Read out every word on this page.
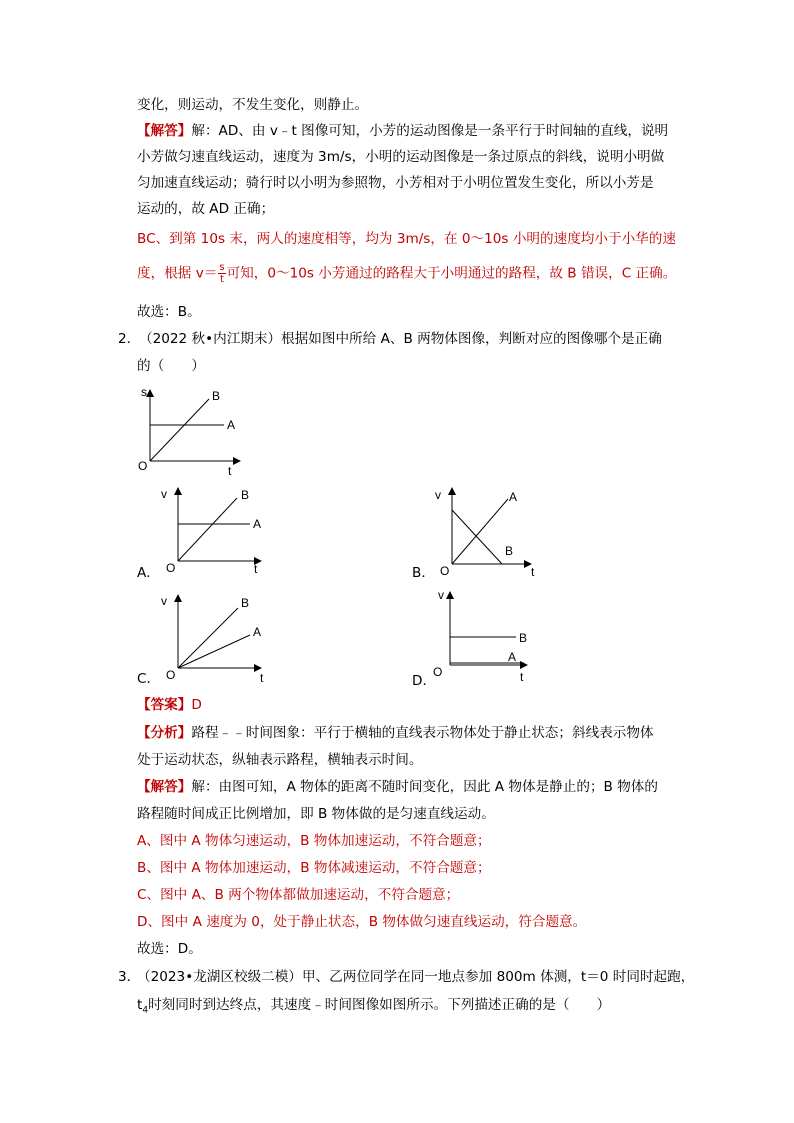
变化，则运动，不发生变化，则静止。
【解答】解：AD、由 v﹣t 图像可知，小芳的运动图像是一条平行于时间轴的直线，说明
小芳做匀速直线运动，速度为 3m/s，小明的运动图像是一条过原点的斜线，说明小明做
匀加速直线运动；骑行时以小明为参照物，小芳相对于小明位置发生变化，所以小芳是
运动的，故 AD 正确；
BC、到第 10s 末，两人的速度相等，均为 3m/s，在 0～10s 小明的速度均小于小华的速
度，根据 $v= \frac{s}{t}$ 可知，0～10s 小芳通过的路程大于小明通过的路程，故 B 错误，C 正确。
故选：B。
2．
（2022 秋•内江期末）根据如图中所给 A、B 两物体图像，判断对应的图像哪个是正确
的（　　）
O	t
s
A
B
A． O	t
v
A
B
B． O	t
v	A
B
C． O	t
v
A
B
D．
O	t
v
B
A
【答案】D
【分析】路程﹣﹣时间图象：平行于横轴的直线表示物体处于静止状态；斜线表示物体
处于运动状态，纵轴表示路程，横轴表示时间。
【解答】解：由图可知，A 物体的距离不随时间变化，因此 A 物体是静止的；B 物体的
路程随时间成正比例增加，即 B 物体做的是匀速直线运动。
A、图中 A 物体匀速运动，B 物体加速运动，不符合题意；
B、图中 A 物体加速运动，B 物体减速运动，不符合题意；
C、图中 A、B 两个物体都做加速运动，不符合题意；
D、图中 A 速度为 0，处于静止状态，B 物体做匀速直线运动，符合题意。
故选：D。
3．
（2023•龙湖区校级二模）甲、乙两位同学在同一地点参加 800m 体测，t＝0 时同时起跑，
$t_4$时刻同时到达终点，其速度﹣时间图像如图所示。下列描述正确的是（　　）
